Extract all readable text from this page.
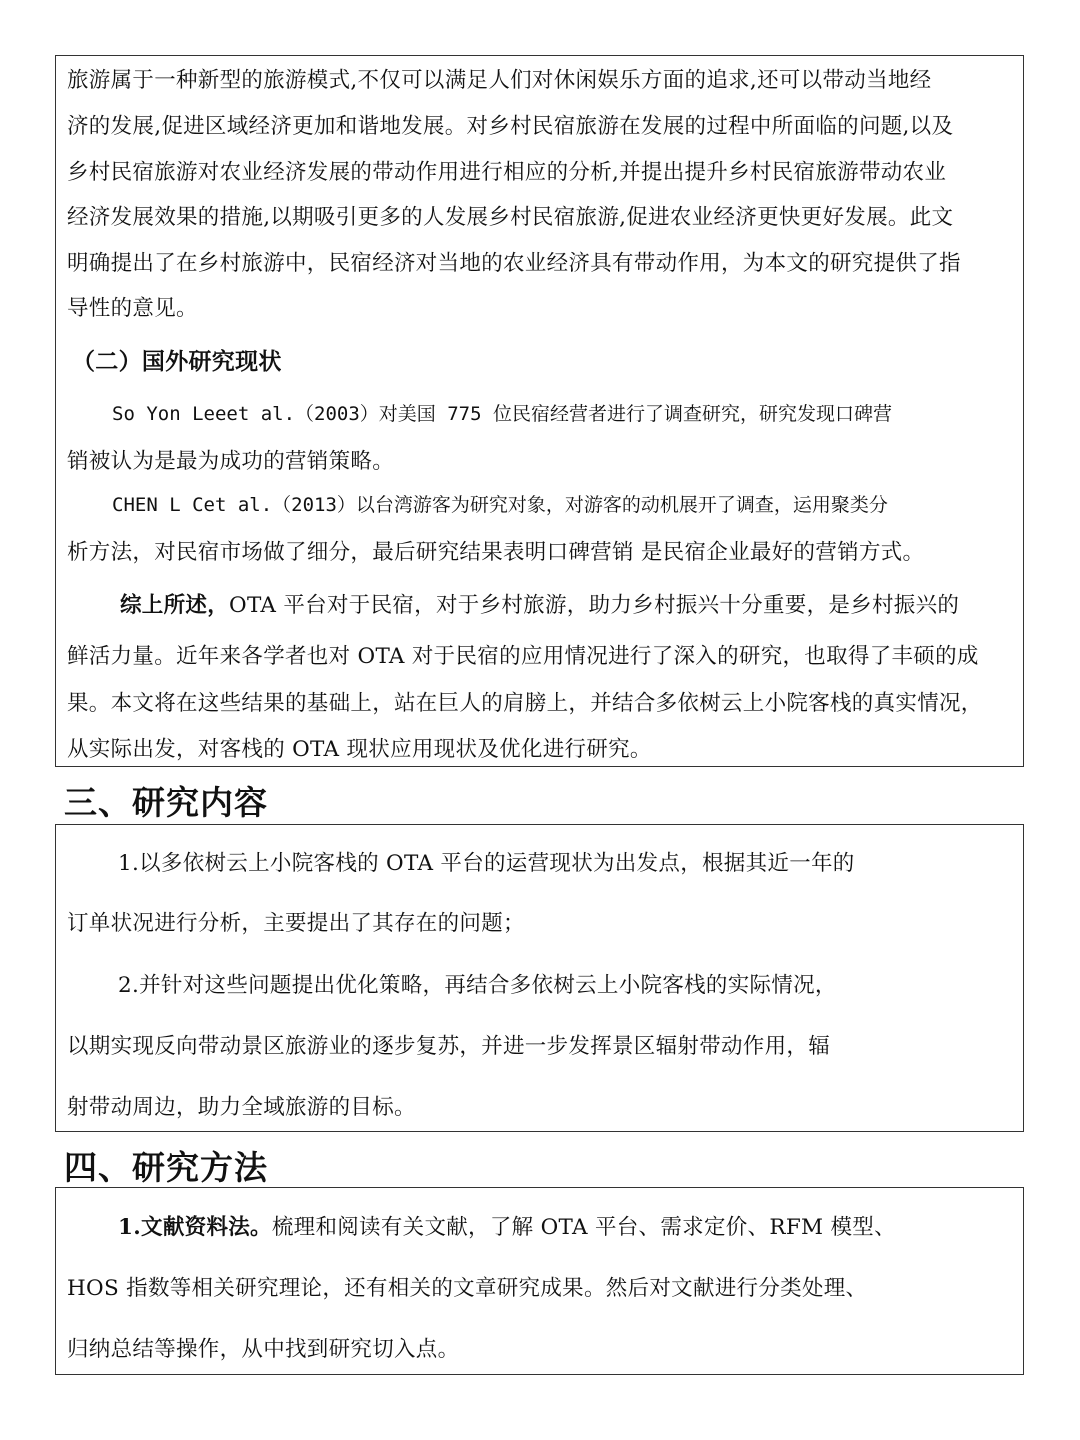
旅游属于一种新型的旅游模式,不仅可以满足人们对休闲娱乐方面的追求,还可以带动当地经

济的发展,促进区域经济更加和谐地发展。对乡村民宿旅游在发展的过程中所面临的问题,以及

乡村民宿旅游对农业经济发展的带动作用进行相应的分析,并提出提升乡村民宿旅游带动农业

经济发展效果的措施,以期吸引更多的人发展乡村民宿旅游,促进农业经济更快更好发展。此文

明确提出了在乡村旅游中，民宿经济对当地的农业经济具有带动作用，为本文的研究提供了指

导性的意见。

（二）国外研究现状

So Yon Leeet al.（2003）对美国 775 位民宿经营者进行了调查研究，研究发现口碑营

销被认为是最为成功的营销策略。

CHEN L Cet al.（2013）以台湾游客为研究对象，对游客的动机展开了调查，运用聚类分

析方法，对民宿市场做了细分，最后研究结果表明口碑营销 是民宿企业最好的营销方式。

综上所述，OTA 平台对于民宿，对于乡村旅游，助力乡村振兴十分重要，是乡村振兴的

鲜活力量。近年来各学者也对 OTA 对于民宿的应用情况进行了深入的研究，也取得了丰硕的成

果。本文将在这些结果的基础上，站在巨人的肩膀上，并结合多依树云上小院客栈的真实情况，

从实际出发，对客栈的 OTA 现状应用现状及优化进行研究。

三、研究内容

1.以多依树云上小院客栈的 OTA 平台的运营现状为出发点，根据其近一年的

订单状况进行分析，主要提出了其存在的问题；

2.并针对这些问题提出优化策略，再结合多依树云上小院客栈的实际情况，

以期实现反向带动景区旅游业的逐步复苏，并进一步发挥景区辐射带动作用，辐

射带动周边，助力全域旅游的目标。

四、研究方法

1.文献资料法。梳理和阅读有关文献，了解 OTA 平台、需求定价、RFM 模型、

HOS 指数等相关研究理论，还有相关的文章研究成果。然后对文献进行分类处理、

归纳总结等操作，从中找到研究切入点。
